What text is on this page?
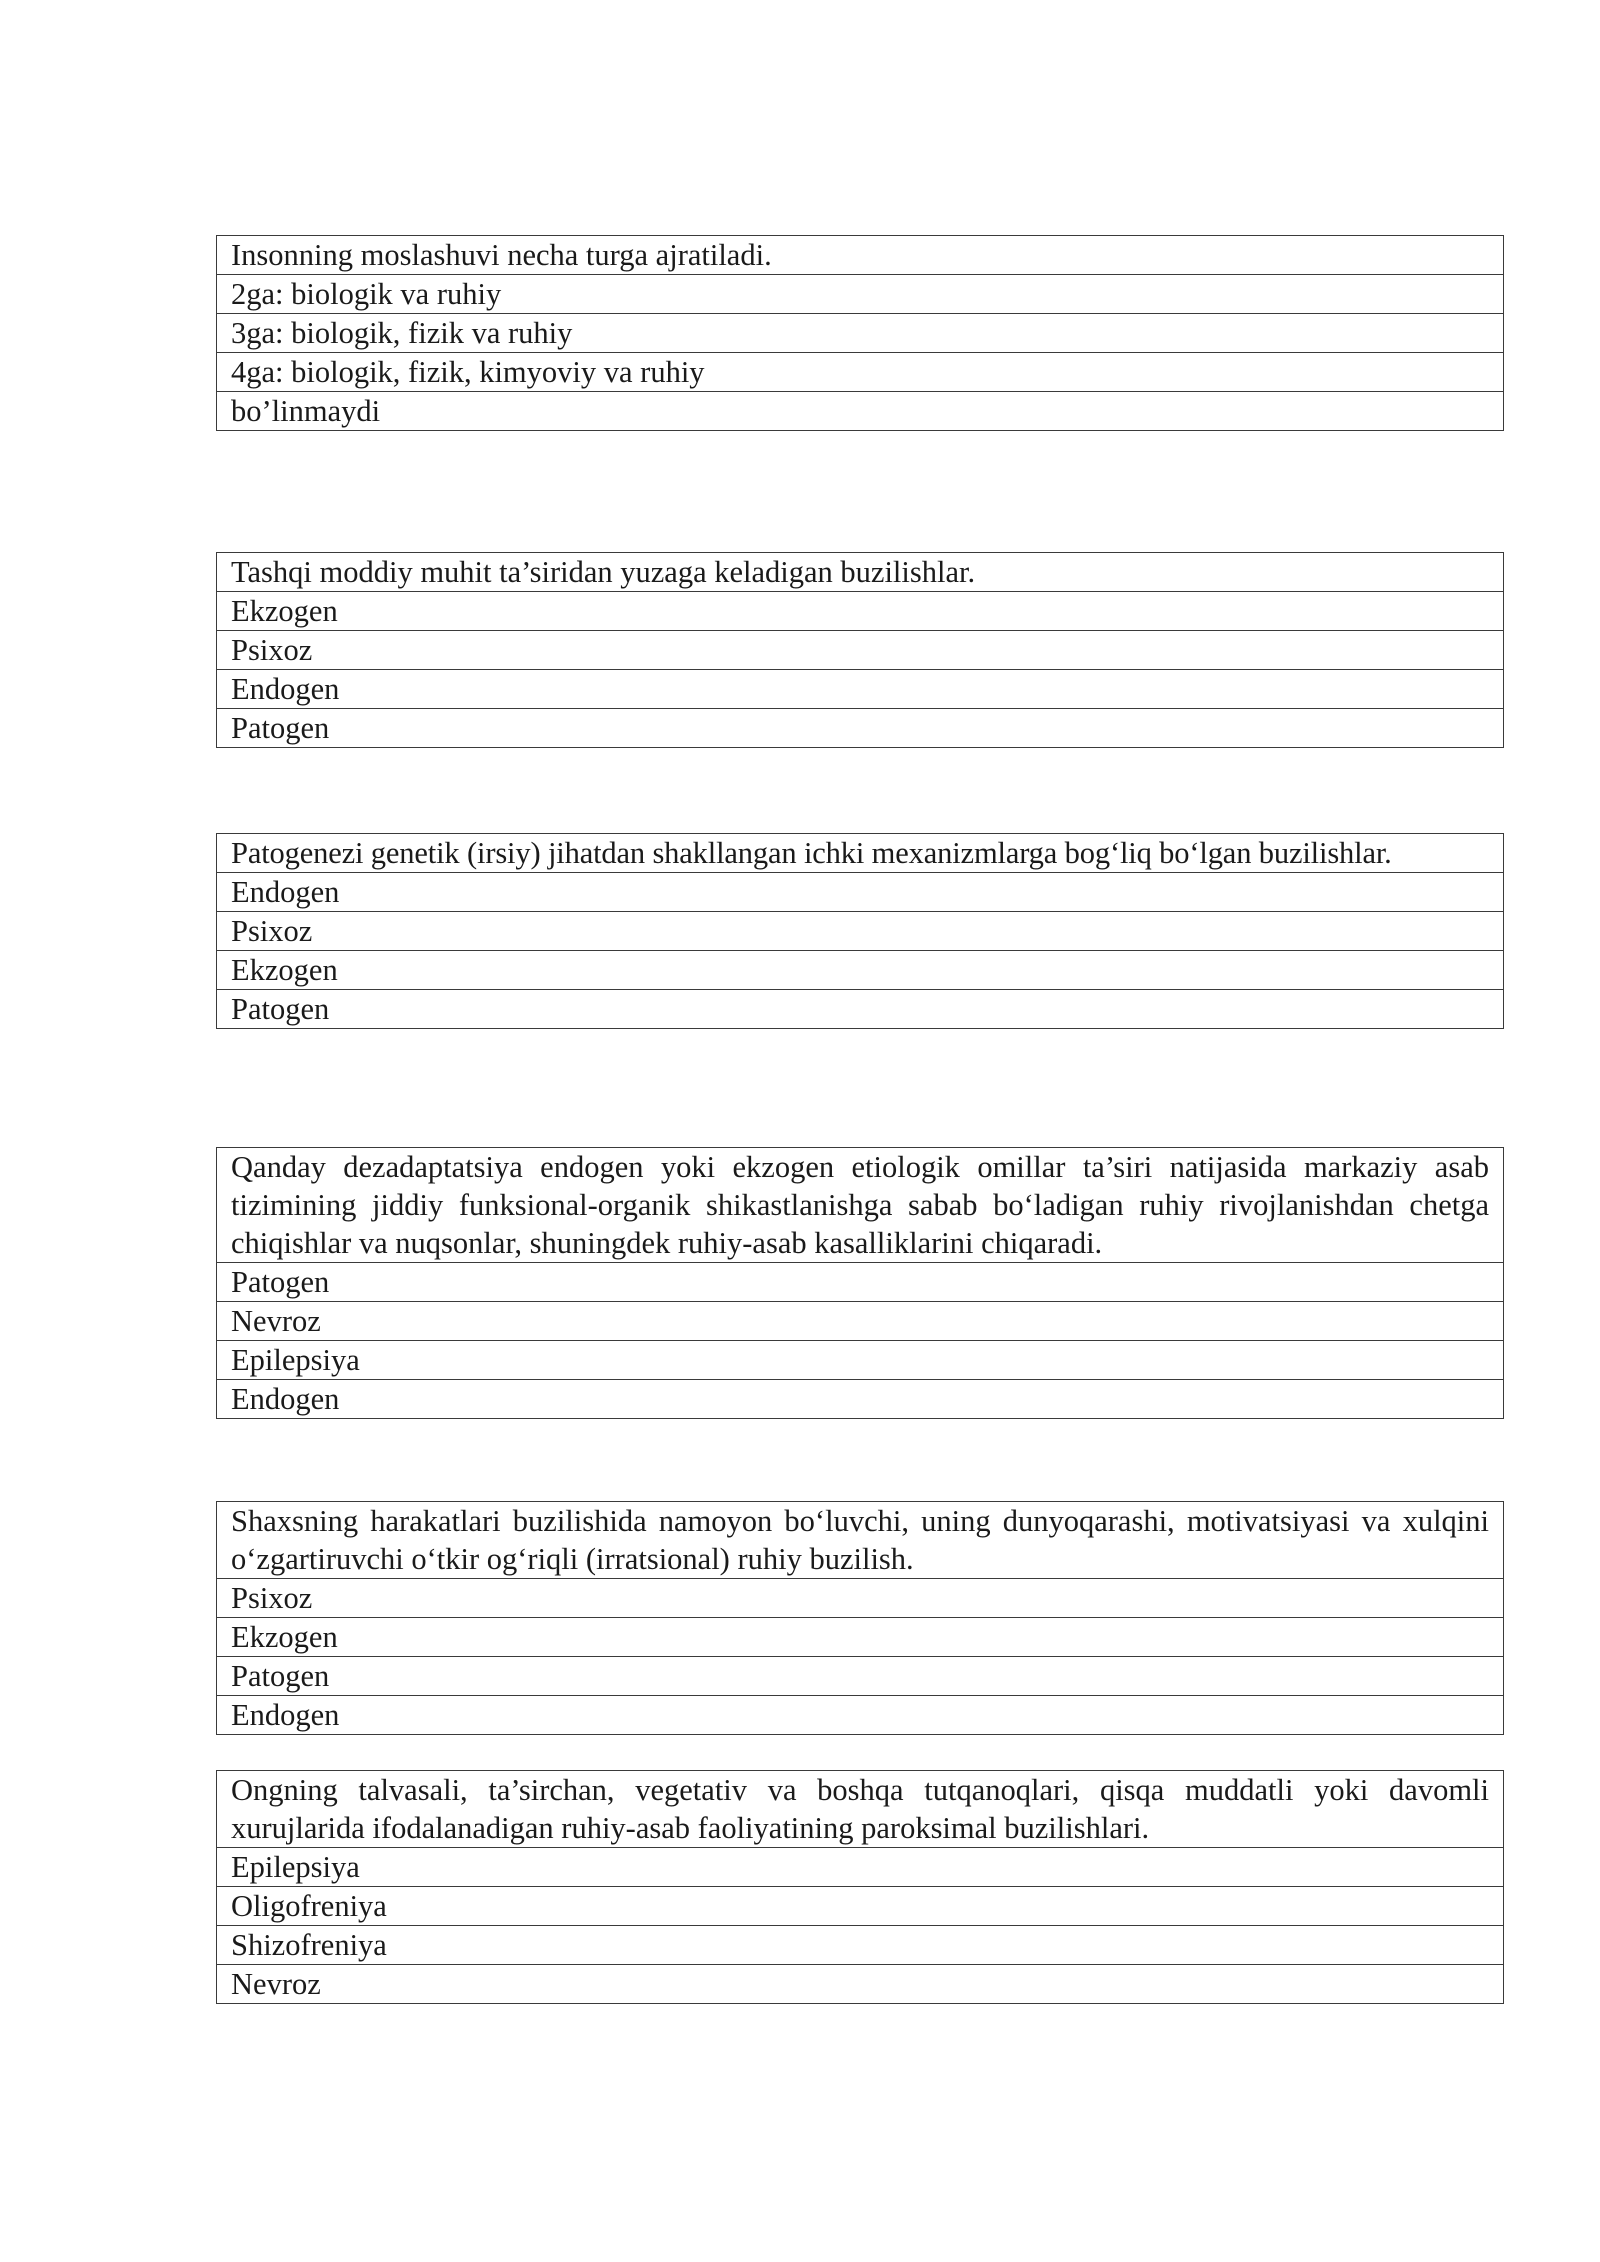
Insonning moslashuvi necha turga ajratiladi.
2ga: biologik va ruhiy
3ga: biologik, fizik va ruhiy
4ga: biologik, fizik, kimyoviy va ruhiy
bo’linmaydi
Tashqi moddiy muhit ta’siridan yuzaga keladigan buzilishlar.
Ekzogen
Psixoz
Endogen
Patogen
Patogenezi genetik (irsiy) jihatdan shakllangan ichki mexanizmlarga bog‘liq bo‘lgan buzilishlar.
Endogen
Psixoz
Ekzogen
Patogen
Qanday dezadaptatsiya endogen yoki ekzogen etiologik omillar ta’siri natijasida markaziy asab tizimining jiddiy funksional-organik shikastlanishga sabab bo‘ladigan ruhiy rivojlanishdan chetga chiqishlar va nuqsonlar, shuningdek ruhiy-asab kasalliklarini chiqaradi.
Patogen
Nevroz
Epilepsiya
Endogen
Shaxsning harakatlari buzilishida namoyon bo‘luvchi, uning dunyoqarashi, motivatsiyasi va xulqini o‘zgartiruvchi o‘tkir og‘riqli (irratsional) ruhiy buzilish.
Psixoz
Ekzogen
Patogen
Endogen
Ongning talvasali, ta’sirchan, vegetativ va boshqa tutqanoqlari, qisqa muddatli yoki davomli xurujlarida ifodalanadigan ruhiy-asab faoliyatining paroksimal buzilishlari.
Epilepsiya
Oligofreniya
Shizofreniya
Nevroz
